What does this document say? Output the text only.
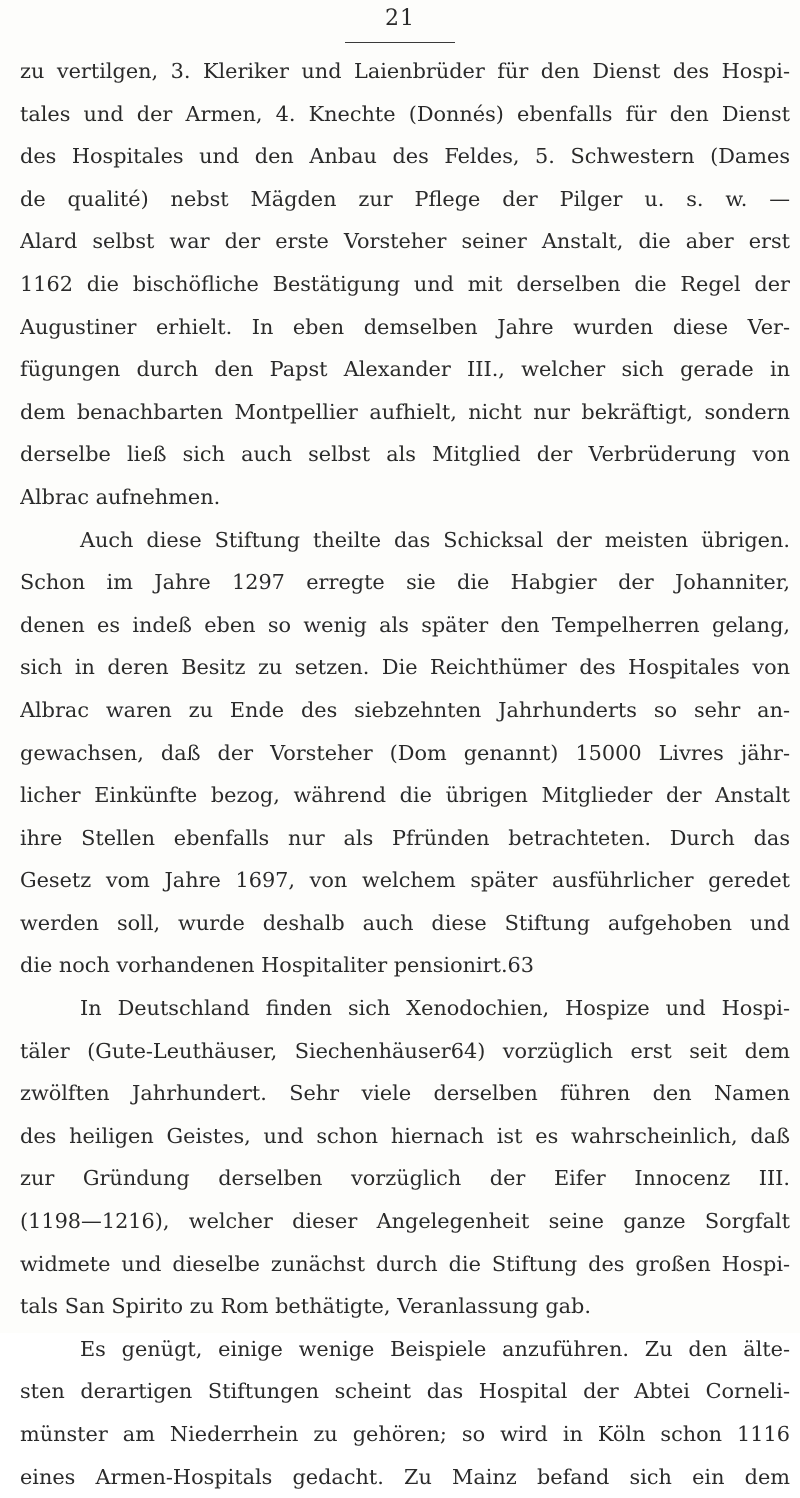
21
zu vertilgen, 3. Kleriker und Laienbrüder für den Dienst des Hospi-
tales und der Armen, 4. Knechte (Donnés) ebenfalls für den Dienst
des Hospitales und den Anbau des Feldes, 5. Schwestern (Dames
de qualité) nebst Mägden zur Pflege der Pilger u. s. w. —
Alard selbst war der erste Vorsteher seiner Anstalt, die aber erst
1162 die bischöfliche Bestätigung und mit derselben die Regel der
Augustiner erhielt. In eben demselben Jahre wurden diese Ver-
fügungen durch den Papst Alexander III., welcher sich gerade in
dem benachbarten Montpellier aufhielt, nicht nur bekräftigt, sondern
derselbe ließ sich auch selbst als Mitglied der Verbrüderung von
Albrac aufnehmen.
Auch diese Stiftung theilte das Schicksal der meisten übrigen.
Schon im Jahre 1297 erregte sie die Habgier der Johanniter,
denen es indeß eben so wenig als später den Tempelherren gelang,
sich in deren Besitz zu setzen. Die Reichthümer des Hospitales von
Albrac waren zu Ende des siebzehnten Jahrhunderts so sehr an-
gewachsen, daß der Vorsteher (Dom genannt) 15000 Livres jähr-
licher Einkünfte bezog, während die übrigen Mitglieder der Anstalt
ihre Stellen ebenfalls nur als Pfründen betrachteten. Durch das
Gesetz vom Jahre 1697, von welchem später ausführlicher geredet
werden soll, wurde deshalb auch diese Stiftung aufgehoben und
die noch vorhandenen Hospitaliter pensionirt.63
In Deutschland finden sich Xenodochien, Hospize und Hospi-
täler (Gute-Leuthäuser, Siechenhäuser64) vorzüglich erst seit dem
zwölften Jahrhundert. Sehr viele derselben führen den Namen
des heiligen Geistes, und schon hiernach ist es wahrscheinlich, daß
zur Gründung derselben vorzüglich der Eifer Innocenz III.
(1198—1216), welcher dieser Angelegenheit seine ganze Sorgfalt
widmete und dieselbe zunächst durch die Stiftung des großen Hospi-
tals San Spirito zu Rom bethätigte, Veranlassung gab.
Es genügt, einige wenige Beispiele anzuführen. Zu den älte-
sten derartigen Stiftungen scheint das Hospital der Abtei Corneli-
münster am Niederrhein zu gehören; so wird in Köln schon 1116
eines Armen-Hospitals gedacht. Zu Mainz befand sich ein dem
